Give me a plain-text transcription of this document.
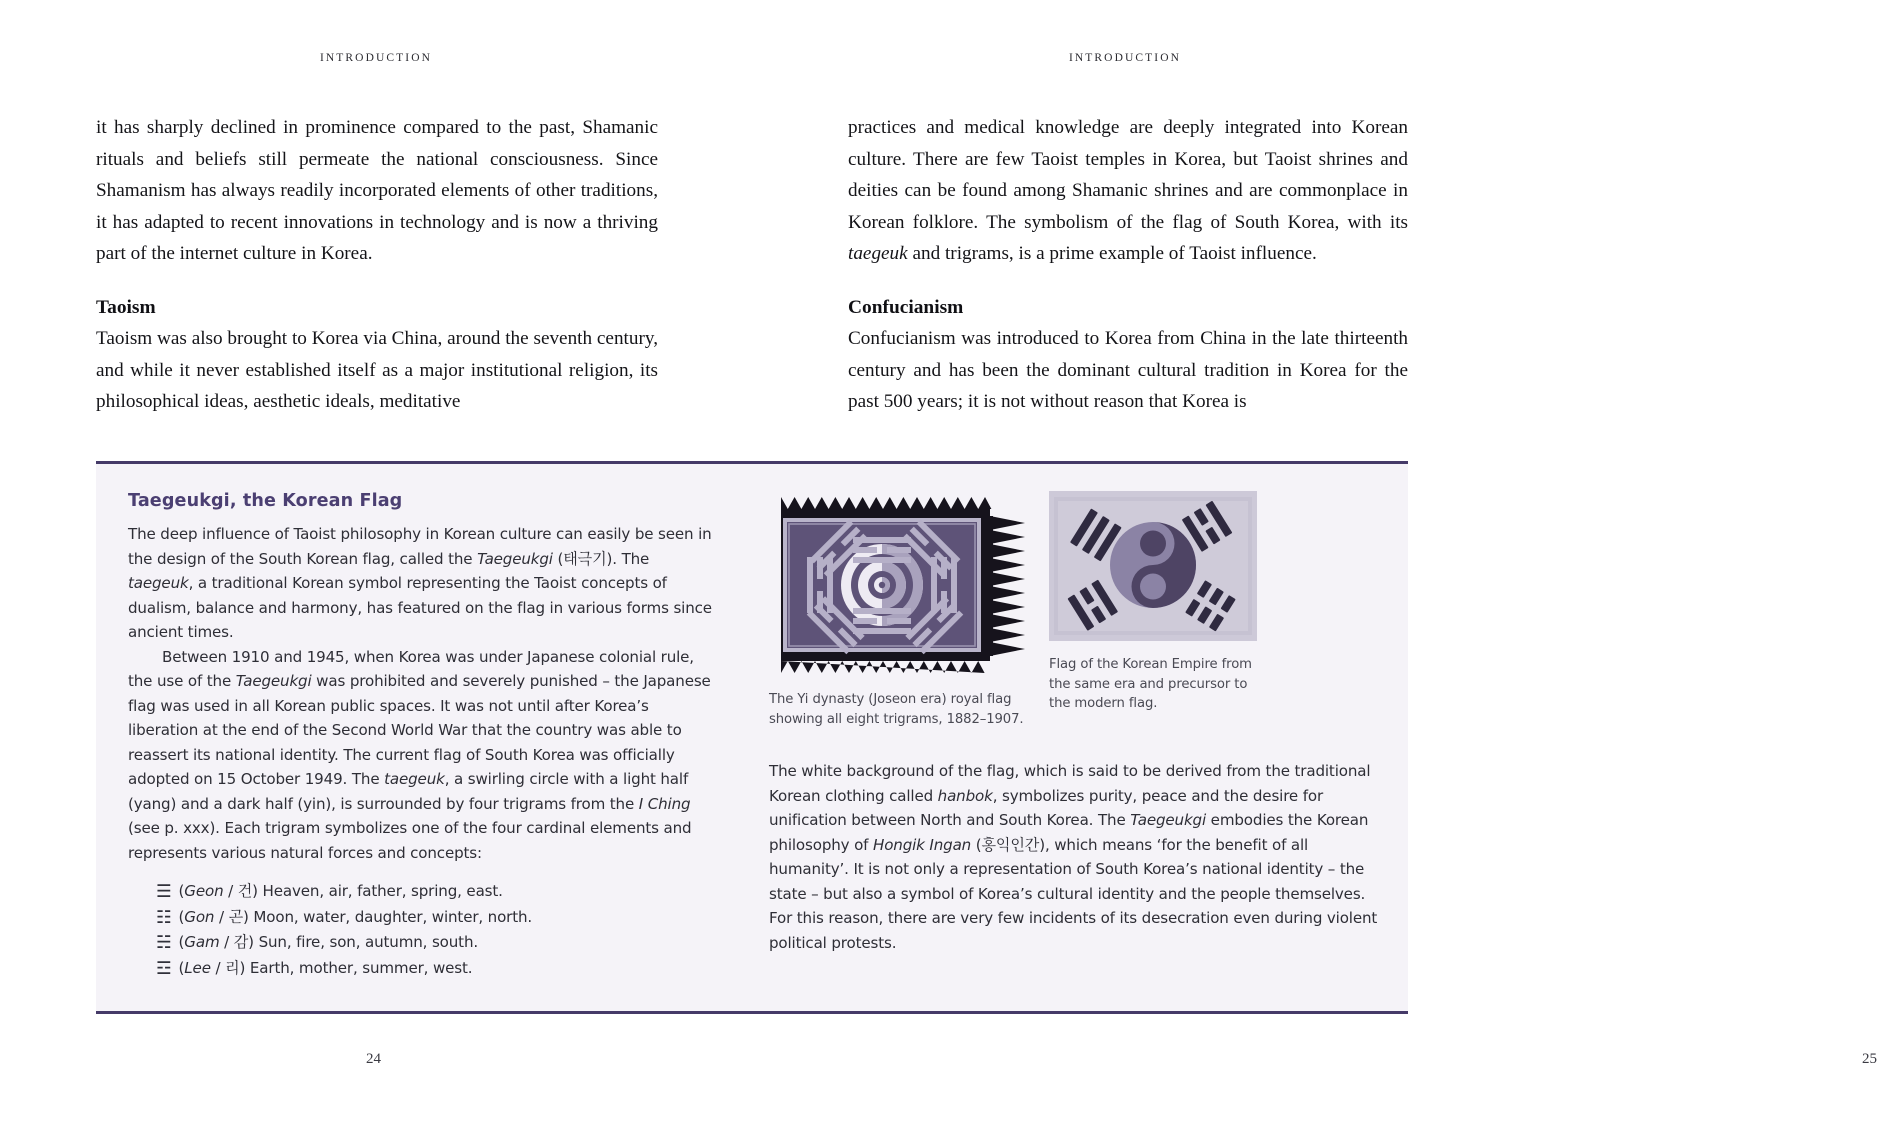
INTRODUCTION

it has sharply declined in prominence compared to the past, Shamanic rituals and beliefs still permeate the national consciousness. Since Shamanism has always readily incorporated elements of other traditions, it has adapted to recent innovations in technology and is now a thriving part of the internet culture in Korea.

Taoism

Taoism was also brought to Korea via China, around the seventh century, and while it never established itself as a major institutional religion, its philosophical ideas, aesthetic ideals, meditative

24
INTRODUCTION

practices and medical knowledge are deeply integrated into Korean culture. There are few Taoist temples in Korea, but Taoist shrines and deities can be found among Shamanic shrines and are commonplace in Korean folklore. The symbolism of the flag of South Korea, with its taegeuk and trigrams, is a prime example of Taoist influence.

Confucianism

Confucianism was introduced to Korea from China in the late thirteenth century and has been the dominant cultural tradition in Korea for the past 500 years; it is not without reason that Korea is

25
Taegeukgi, the Korean Flag

The deep influence of Taoist philosophy in Korean culture can easily be seen in the design of the South Korean flag, called the Taegeukgi (태극기). The taegeuk, a traditional Korean symbol representing the Taoist concepts of dualism, balance and harmony, has featured on the flag in various forms since ancient times.

Between 1910 and 1945, when Korea was under Japanese colonial rule, the use of the Taegeukgi was prohibited and severely punished – the Japanese flag was used in all Korean public spaces. It was not until after Korea’s liberation at the end of the Second World War that the country was able to reassert its national identity. The current flag of South Korea was officially adopted on 15 October 1949. The taegeuk, a swirling circle with a light half (yang) and a dark half (yin), is surrounded by four trigrams from the I Ching (see p. xxx). Each trigram symbolizes one of the four cardinal elements and represents various natural forces and concepts:

☰ (Geon / 건) Heaven, air, father, spring, east.
☷ (Gon / 곤) Moon, water, daughter, winter, north.
☵ (Gam / 감) Sun, fire, son, autumn, south.
☲ (Lee / 리) Earth, mother, summer, west.
The Yi dynasty (Joseon era) royal flag showing all eight trigrams, 1882–1907.
Flag of the Korean Empire from the same era and precursor to the modern flag.

The white background of the flag, which is said to be derived from the traditional Korean clothing called hanbok, symbolizes purity, peace and the desire for unification between North and South Korea. The Taegeukgi embodies the Korean philosophy of Hongik Ingan (홍익인간), which means ‘for the benefit of all humanity’. It is not only a representation of South Korea’s national identity – the state – but also a symbol of Korea’s cultural identity and the people themselves. For this reason, there are very few incidents of its desecration even during violent political protests.
